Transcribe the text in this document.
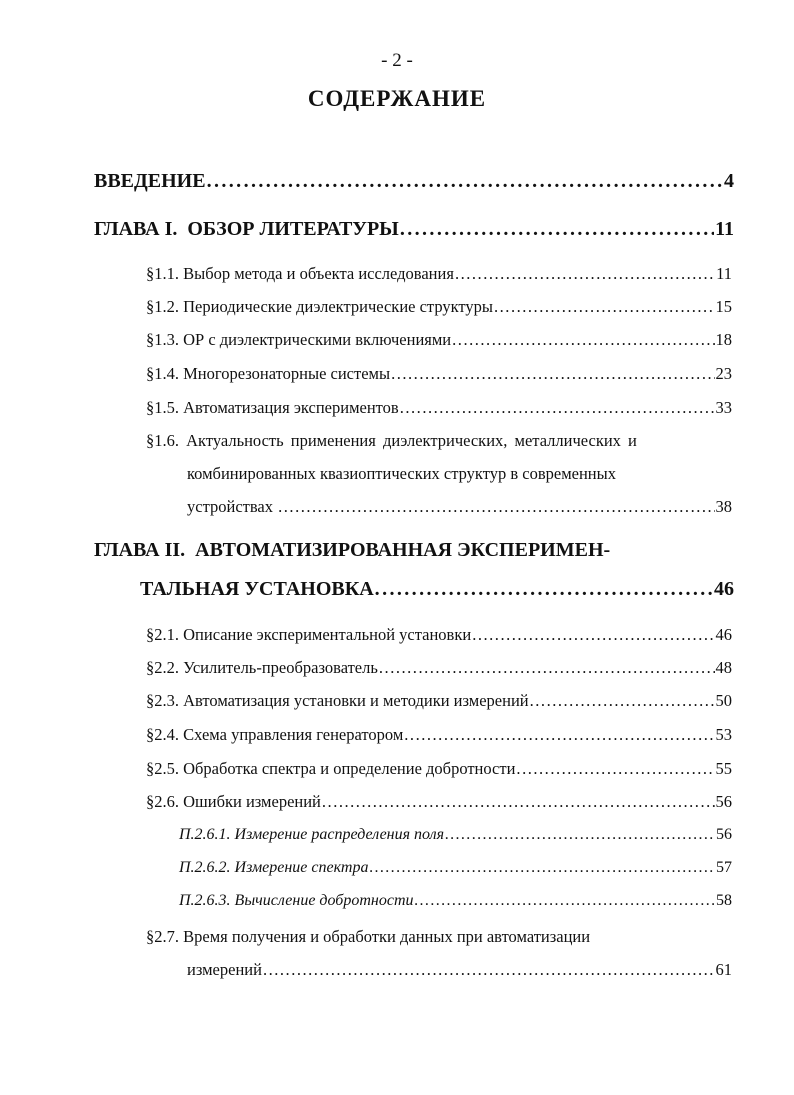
- 2 -
СОДЕРЖАНИЕ
ВВЕДЕНИЕ . . .	4
ГЛАВА I.  ОБЗОР ЛИТЕРАТУРЫ . . .	11
§1.1. Выбор метода и объекта исследования . . .	11
§1.2. Периодические диэлектрические структуры . . .	15
§1.3. ОР с диэлектрическими включениями . . .	18
§1.4. Многорезонаторные системы . . .	23
§1.5. Автоматизация экспериментов . . .	33
§1.6. Актуальность применения диэлектрических, металлических и
комбинированных квазиоптических структур в современных
устройствах . . .	38
ГЛАВА II.  АВТОМАТИЗИРОВАННАЯ ЭКСПЕРИМЕН-
ТАЛЬНАЯ УСТАНОВКА . . .	46
§2.1. Описание экспериментальной установки . . .	46
§2.2. Усилитель-преобразователь . . .	48
§2.3. Автоматизация установки и методики измерений . . .	50
§2.4. Схема управления генератором . . .	53
§2.5. Обработка спектра и определение добротности . . .	55
§2.6. Ошибки измерений . . .	56
П.2.6.1. Измерение распределения поля . . .	56
П.2.6.2. Измерение спектра . . .	57
П.2.6.3. Вычисление добротности . . .	58
§2.7. Время получения и обработки данных при автоматизации
измерений . . .	61
